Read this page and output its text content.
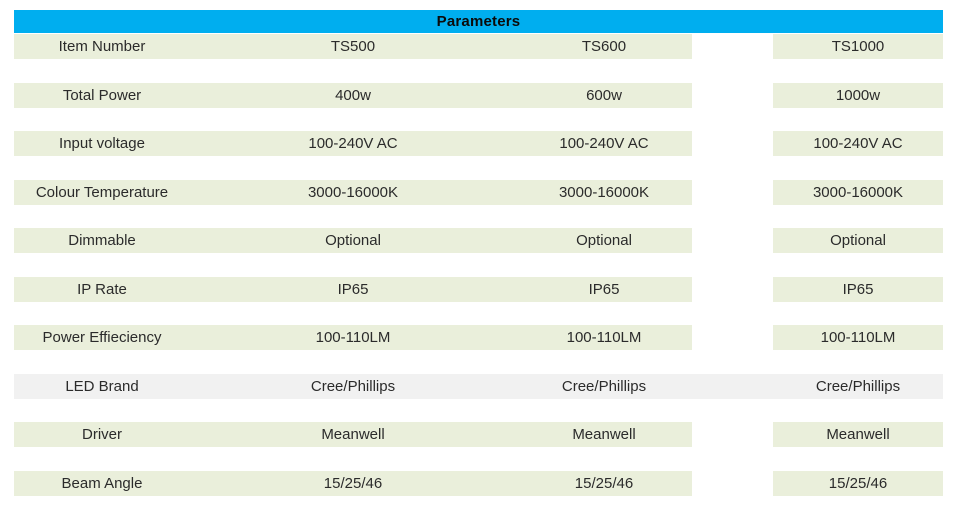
Parameters
Item Number	TS500	TS600	TS1000
Total Power	400w	600w	1000w
Input voltage	100-240V AC	100-240V AC	100-240V AC
Colour Temperature	3000-16000K	3000-16000K	3000-16000K
Dimmable	Optional	Optional	Optional
IP Rate	IP65	IP65	IP65
Power Effieciency	100-110LM	100-110LM	100-110LM
LED Brand	Cree/Phillips	Cree/Phillips	Cree/Phillips
Driver	Meanwell	Meanwell	Meanwell
Beam Angle	15/25/46	15/25/46	15/25/46
